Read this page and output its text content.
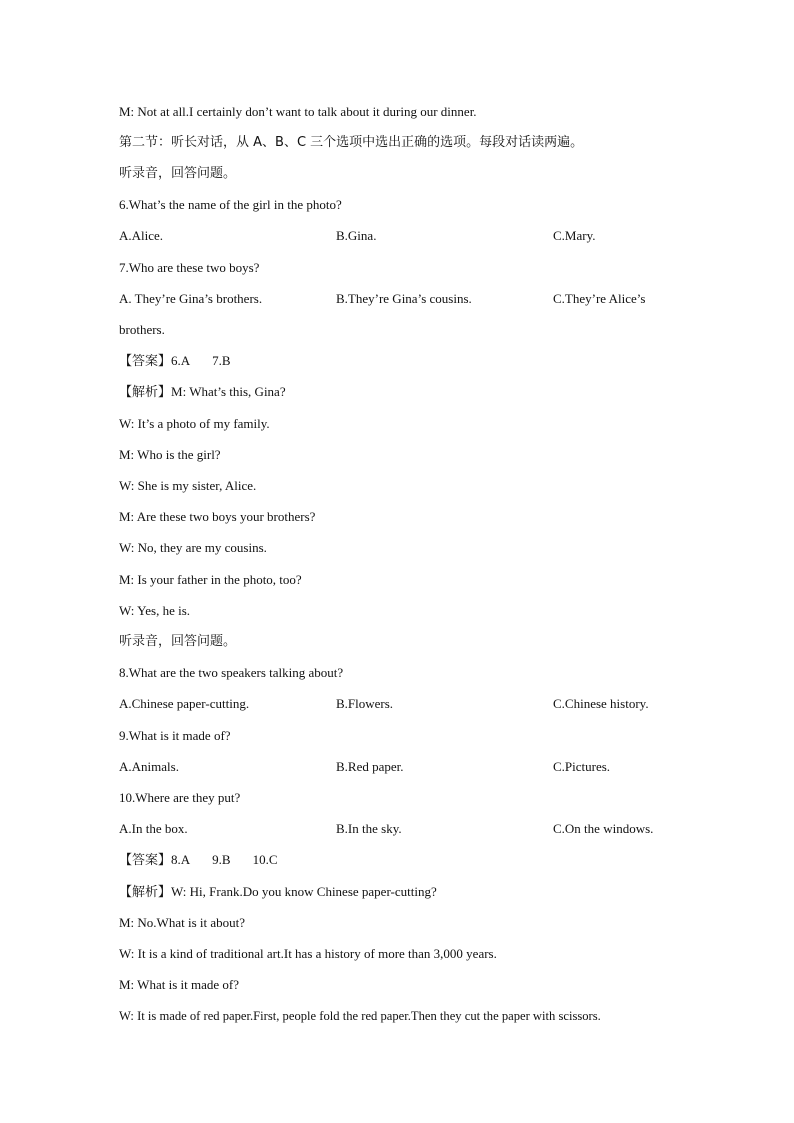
M: Not at all.I certainly don’t want to talk about it during our dinner.
第二节：听长对话，从 A、B、C 三个选项中选出正确的选项。每段对话读两遍。
听录音，回答问题。
6.What’s the name of the girl in the photo?
A.Alice.	B.Gina.	C.Mary.
7.Who are these two boys?
A. They’re Gina’s brothers.	B.They’re Gina’s cousins.	C.They’re Alice’s
brothers.
【答案】6.A 7.B
【解析】M: What’s this, Gina?
W: It’s a photo of my family.
M: Who is the girl?
W: She is my sister, Alice.
M: Are these two boys your brothers?
W: No, they are my cousins.
M: Is your father in the photo, too?
W: Yes, he is.
听录音，回答问题。
8.What are the two speakers talking about?
A.Chinese paper-cutting.	B.Flowers.	C.Chinese history.
9.What is it made of?
A.Animals.	B.Red paper.	C.Pictures.
10.Where are they put?
A.In the box.	B.In the sky.	C.On the windows.
【答案】8.A 9.B 10.C
【解析】W: Hi, Frank.Do you know Chinese paper-cutting?
M: No.What is it about?
W: It is a kind of traditional art.It has a history of more than 3,000 years.
M: What is it made of?
W: It is made of red paper.First, people fold the red paper.Then they cut the paper with scissors.
